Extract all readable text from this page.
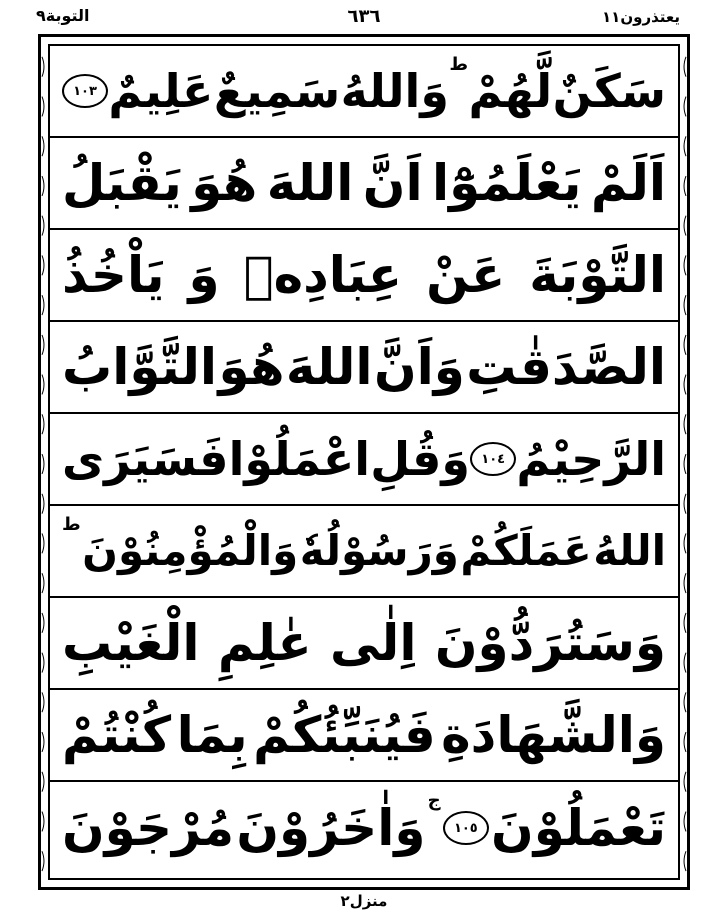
التوبة٩	٦٣٦	يعتذرون١١
سَكَنٌ
لَّهُمْ
ط
وَاللهُ
سَمِيعٌ
عَلِيمٌ
١٠٣
اَلَمْ
يَعْلَمُوْٓا
اَنَّ
اللهَ
هُوَ
يَقْبَلُ
التَّوْبَةَ
عَنْ
عِبَادِهٖ
وَ
يَاْخُذُ
الصَّدَقٰتِ
وَاَنَّ
اللهَ
هُوَ
التَّوَّابُ
الرَّحِيْمُ
١٠٤
وَقُلِ
اعْمَلُوْا
فَسَيَرَى
اللهُ
عَمَلَكُمْ
وَرَسُوْلُهٗ
وَالْمُؤْمِنُوْنَ
ط
وَسَتُرَدُّوْنَ
اِلٰى
عٰلِمِ
الْغَيْبِ
وَالشَّهَادَةِ
فَيُنَبِّئُكُمْ
بِمَا
كُنْتُمْ
تَعْمَلُوْنَ
١٠٥
ج
وَاٰخَرُوْنَ
مُرْجَوْنَ
منزل٢
